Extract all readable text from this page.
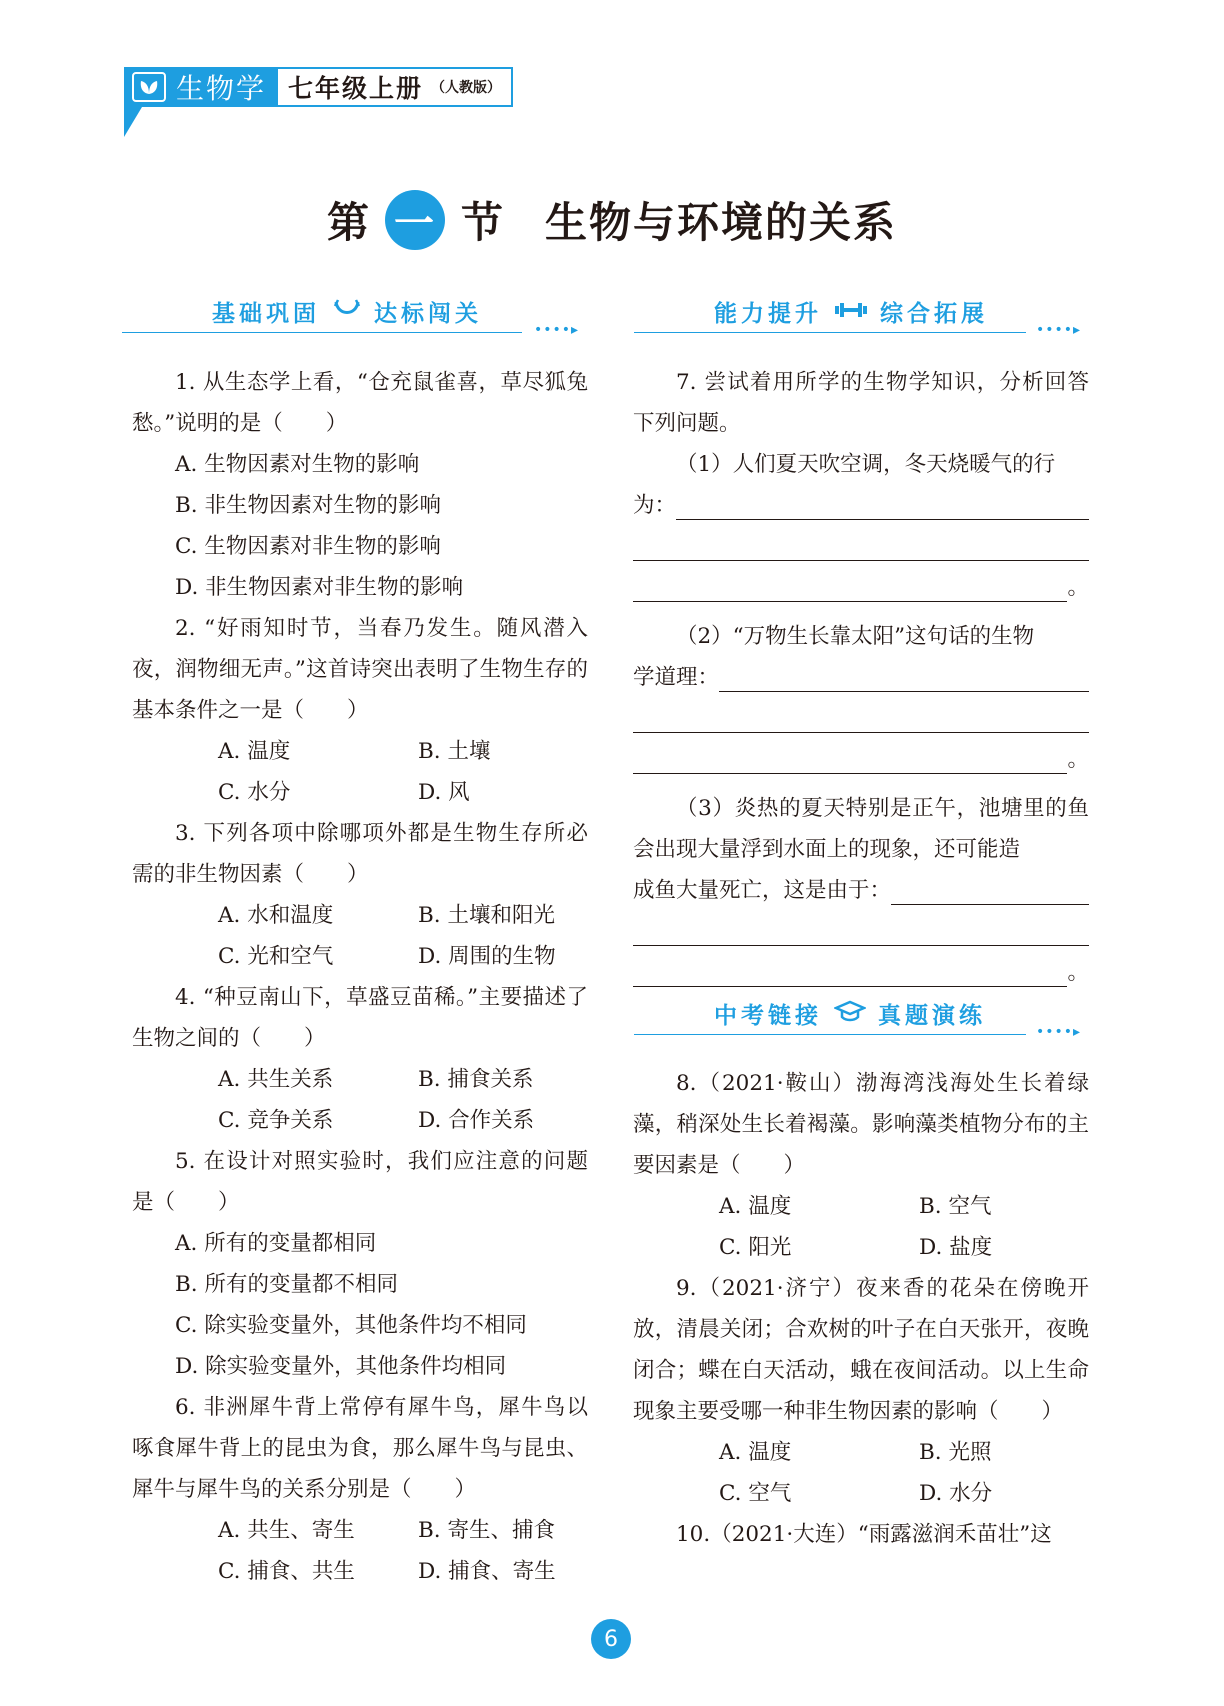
生物学 七年级上册 （人教版）
第 一 节 生物与环境的关系
基础巩固 达标闯关
••••▸
能力提升	综合拓展
••••▸

1. 从生态学上看，“仓充鼠雀喜，草尽狐兔愁。”说明的是（　　）

A. 生物因素对生物的影响

B. 非生物因素对生物的影响

C. 生物因素对非生物的影响

D. 非生物因素对非生物的影响

2. “好雨知时节，当春乃发生。随风潜入夜，润物细无声。”这首诗突出表明了生物生存的基本条件之一是（　　）

A. 温度	B. 土壤

C. 水分	D. 风

3. 下列各项中除哪项外都是生物生存所必需的非生物因素（　　）

A. 水和温度	B. 土壤和阳光

C. 光和空气	D. 周围的生物

4. “种豆南山下，草盛豆苗稀。”主要描述了生物之间的（　　）

A. 共生关系	B. 捕食关系

C. 竞争关系	D. 合作关系

5. 在设计对照实验时，我们应注意的问题是（　　）

A. 所有的变量都相同

B. 所有的变量都不相同

C. 除实验变量外，其他条件均不相同

D. 除实验变量外，其他条件均相同

6. 非洲犀牛背上常停有犀牛鸟，犀牛鸟以啄食犀牛背上的昆虫为食，那么犀牛鸟与昆虫、犀牛与犀牛鸟的关系分别是（　　）

A. 共生、寄生	B. 寄生、捕食

C. 捕食、共生	D. 捕食、寄生

7. 尝试着用所学的生物学知识，分析回答下列问题。

（1）人们夏天吹空调，冬天烧暖气的行

为：
。

（2）“万物生长靠太阳”这句话的生物

学道理：
。

（3）炎热的夏天特别是正午，池塘里的鱼会出现大量浮到水面上的现象，还可能造

成鱼大量死亡，这是由于：
。
中考链接 真题演练
••••▸

8.（2021·鞍山）渤海湾浅海处生长着绿藻，稍深处生长着褐藻。影响藻类植物分布的主要因素是（　　）

A. 温度	B. 空气

C. 阳光	D. 盐度

9.（2021·济宁）夜来香的花朵在傍晚开放，清晨关闭；合欢树的叶子在白天张开，夜晚闭合；蝶在白天活动，蛾在夜间活动。以上生命现象主要受哪一种非生物因素的影响（　　）

A. 温度	B. 光照

C. 空气	D. 水分

10.（2021·大连）“雨露滋润禾苗壮”这

6
